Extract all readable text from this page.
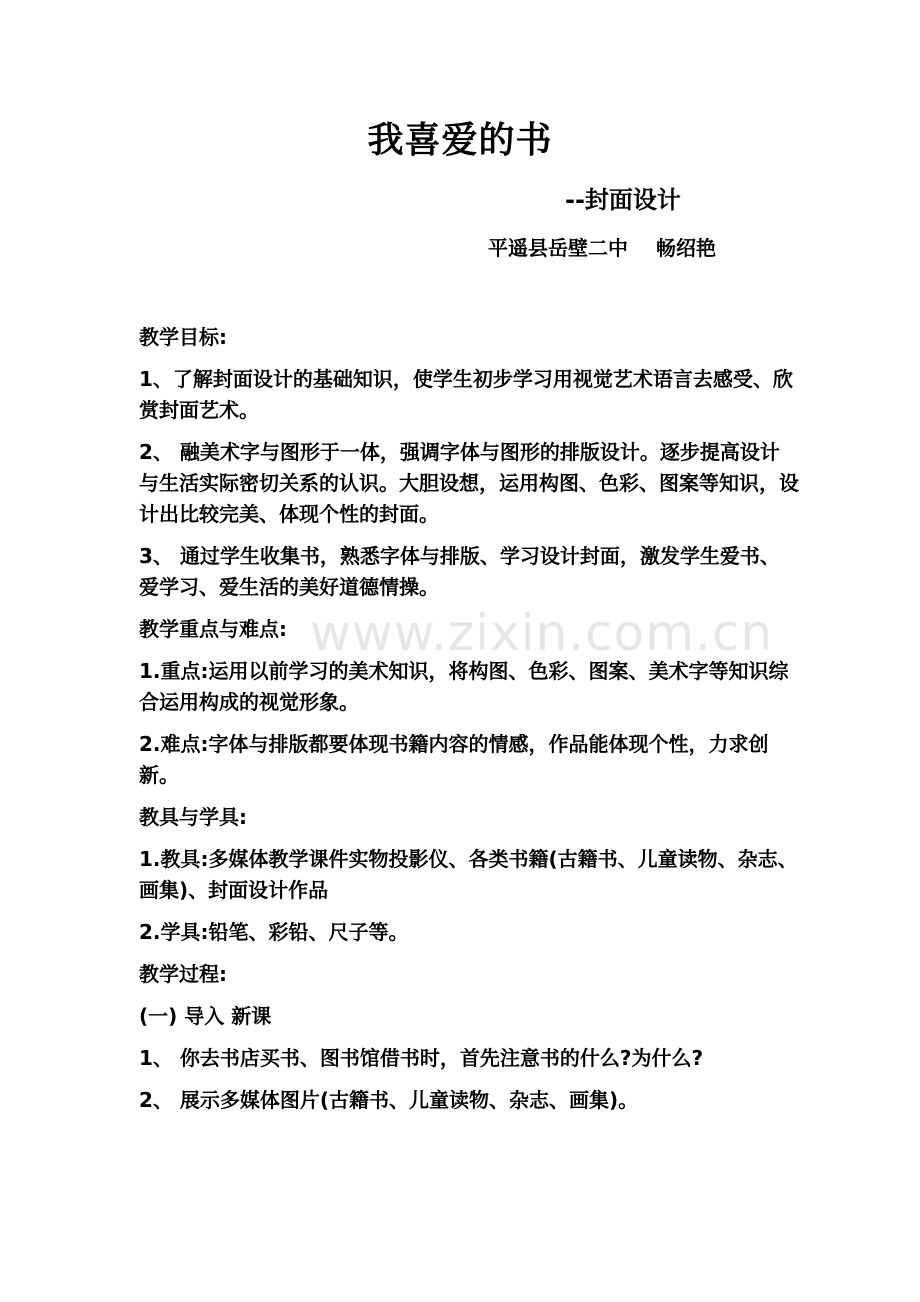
www.zixin.com.cn
我喜爱的书
--封面设计
平遥县岳壁二中 畅绍艳

教学目标:

1、了解封面设计的基础知识，使学生初步学习用视觉艺术语言去感受、欣赏封面艺术。

2、 融美术字与图形于一体，强调字体与图形的排版设计。逐步提高设计与生活实际密切关系的认识。大胆设想，运用构图、色彩、图案等知识，设计出比较完美、体现个性的封面。

3、 通过学生收集书，熟悉字体与排版、学习设计封面，激发学生爱书、爱学习、爱生活的美好道德情操。

教学重点与难点:

1.重点:运用以前学习的美术知识，将构图、色彩、图案、美术字等知识综合运用构成的视觉形象。

2.难点:字体与排版都要体现书籍内容的情感，作品能体现个性，力求创新。

教具与学具:

1.教具:多媒体教学课件实物投影仪、各类书籍(古籍书、儿童读物、杂志、画集)、封面设计作品

2.学具:铅笔、彩铅、尺子等。

教学过程:

(一) 导入 新课

1、 你去书店买书、图书馆借书时，首先注意书的什么?为什么?

2、 展示多媒体图片(古籍书、儿童读物、杂志、画集)。
